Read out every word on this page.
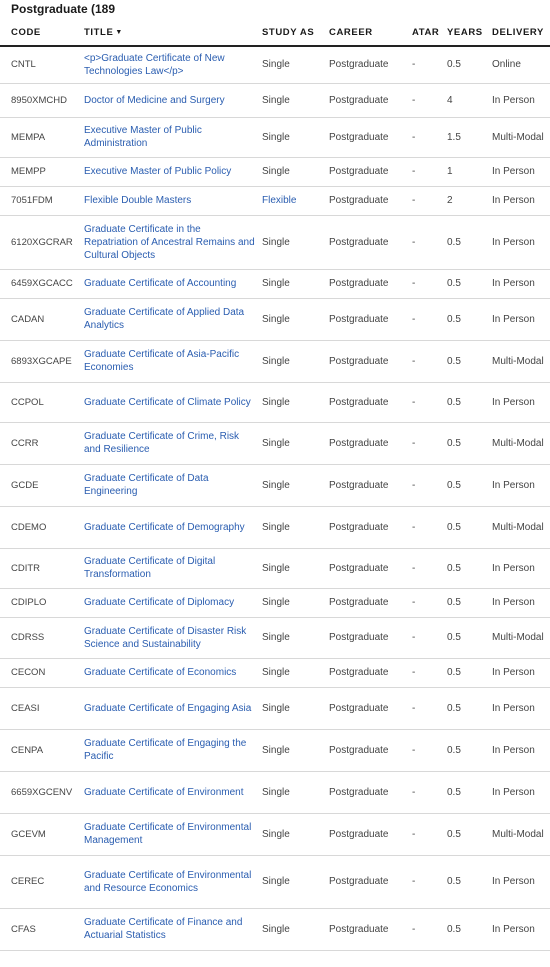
Postgraduate (189
CODE	TITLE ▼	STUDY AS	CAREER	ATAR	YEARS	DELIVERY
CNTL	<p>Graduate Certificate of New Technologies Law</p>	Single	Postgraduate	-	0.5	Online
8950XMCHD	Doctor of Medicine and Surgery	Single	Postgraduate	-	4	In Person
MEMPA	Executive Master of Public Administration	Single	Postgraduate	-	1.5	Multi-Modal
MEMPP	Executive Master of Public Policy	Single	Postgraduate	-	1	In Person
7051FDM	Flexible Double Masters	Flexible	Postgraduate	-	2	In Person
6120XGCRAR	Graduate Certificate in the Repatriation of Ancestral Remains and Cultural Objects	Single	Postgraduate	-	0.5	In Person
6459XGCACC	Graduate Certificate of Accounting	Single	Postgraduate	-	0.5	In Person
CADAN	Graduate Certificate of Applied Data Analytics	Single	Postgraduate	-	0.5	In Person
6893XGCAPE	Graduate Certificate of Asia-Pacific Economies	Single	Postgraduate	-	0.5	Multi-Modal
CCPOL	Graduate Certificate of Climate Policy	Single	Postgraduate	-	0.5	In Person
CCRR	Graduate Certificate of Crime, Risk and Resilience	Single	Postgraduate	-	0.5	Multi-Modal
GCDE	Graduate Certificate of Data Engineering	Single	Postgraduate	-	0.5	In Person
CDEMO	Graduate Certificate of Demography	Single	Postgraduate	-	0.5	Multi-Modal
CDITR	Graduate Certificate of Digital Transformation	Single	Postgraduate	-	0.5	In Person
CDIPLO	Graduate Certificate of Diplomacy	Single	Postgraduate	-	0.5	In Person
CDRSS	Graduate Certificate of Disaster Risk Science and Sustainability	Single	Postgraduate	-	0.5	Multi-Modal
CECON	Graduate Certificate of Economics	Single	Postgraduate	-	0.5	In Person
CEASI	Graduate Certificate of Engaging Asia	Single	Postgraduate	-	0.5	In Person
CENPA	Graduate Certificate of Engaging the Pacific	Single	Postgraduate	-	0.5	In Person
6659XGCENV	Graduate Certificate of Environment	Single	Postgraduate	-	0.5	In Person
GCEVM	Graduate Certificate of Environmental Management	Single	Postgraduate	-	0.5	Multi-Modal
CEREC	Graduate Certificate of Environmental and Resource Economics	Single	Postgraduate	-	0.5	In Person
CFAS	Graduate Certificate of Finance and Actuarial Statistics	Single	Postgraduate	-	0.5	In Person
